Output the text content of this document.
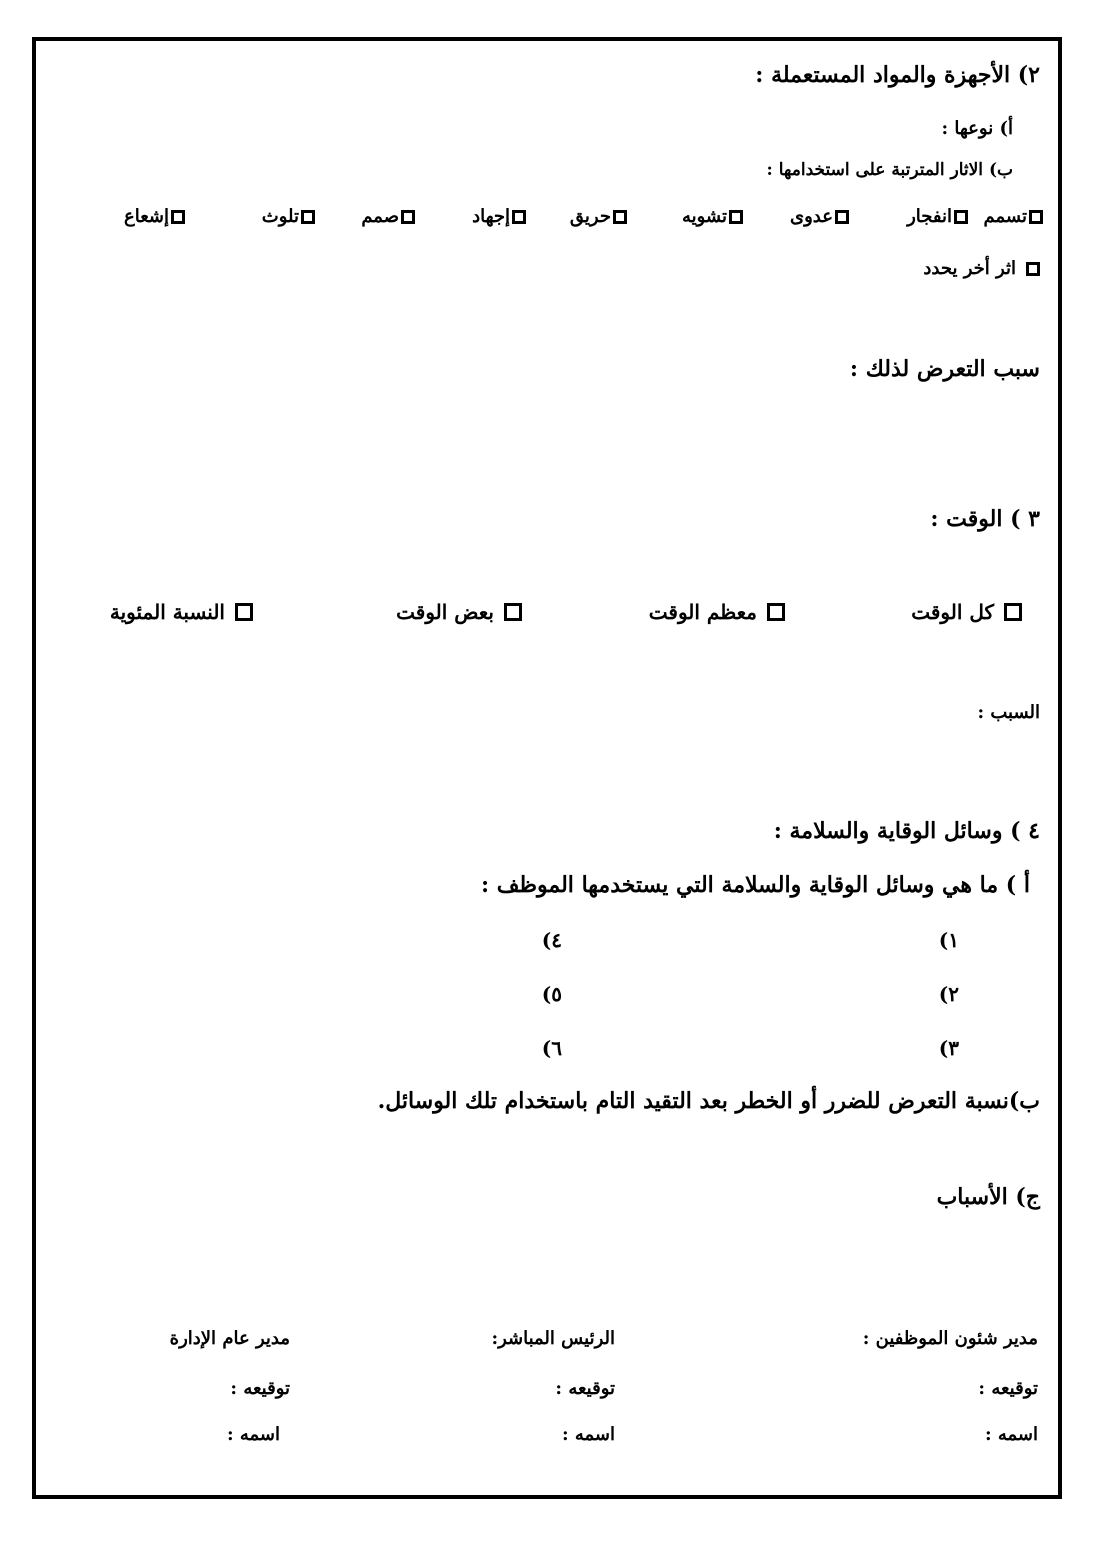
٢) الأجهزة والمواد المستعملة :
أ) نوعها :
ب) الاثار المترتبة على استخدامها :
تسمم
انفجار
عدوى
تشويه
حريق
إجهاد
صمم
تلوث
إشعاع
اثر أخر يحدد
سبب التعرض لذلك :
٣ ) الوقت :
كل الوقت
معظم الوقت
بعض الوقت
النسبة المئوية
السبب :
٤ ) وسائل الوقاية والسلامة :
أ ) ما هي وسائل الوقاية والسلامة التي يستخدمها الموظف :
١)
٢)
٣)
٤)
٥)
٦)
ب)نسبة التعرض للضرر أو الخطر بعد التقيد التام باستخدام تلك الوسائل.
ج) الأسباب
مدير شئون الموظفين :
توقيعه :
اسمه :
الرئيس المباشر:
توقيعه :
اسمه :
مدير عام الإدارة
توقيعه :
اسمه :
